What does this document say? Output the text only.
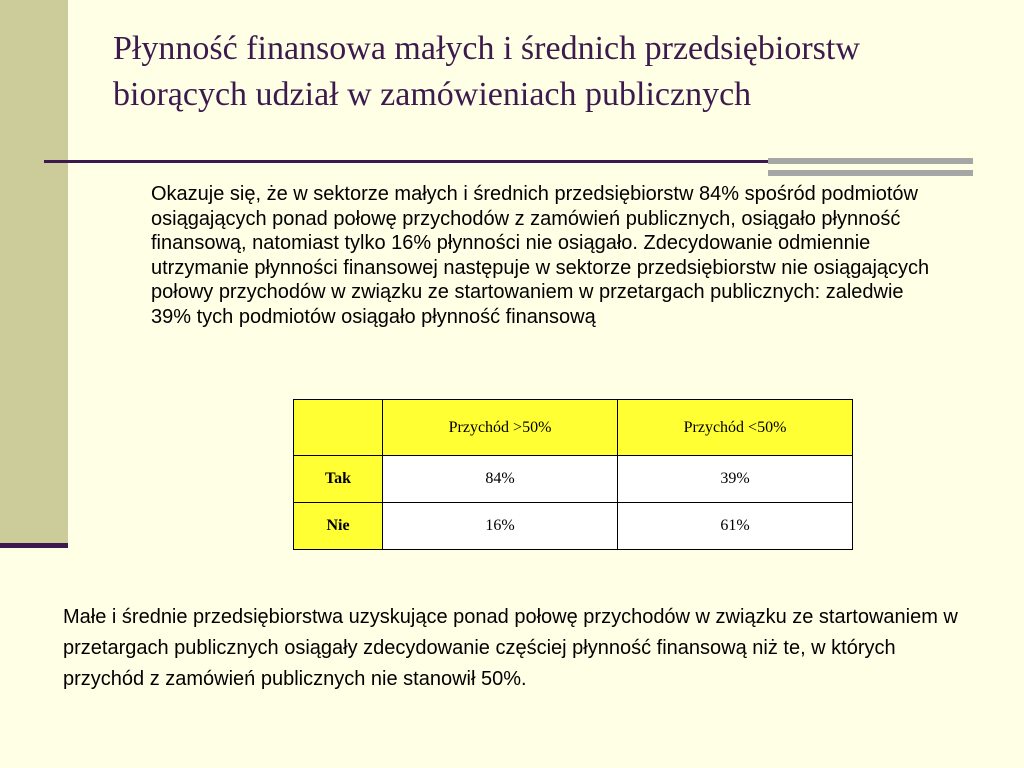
Płynność finansowa małych i średnich przedsiębiorstw biorących udział w zamówieniach publicznych

Okazuje się, że w sektorze małych i średnich przedsiębiorstw 84% spośród podmiotów osiągających ponad połowę przychodów z zamówień publicznych, osiągało płynność finansową, natomiast tylko 16% płynności nie osiągało. Zdecydowanie odmiennie utrzymanie płynności finansowej następuje w sektorze przedsiębiorstw nie osiągających połowy przychodów w związku ze startowaniem w przetargach publicznych: zaledwie 39% tych podmiotów osiągało płynność finansową

	Przychód >50%	Przychód <50%
Tak	84%	39%
Nie	16%	61%

Małe i średnie przedsiębiorstwa uzyskujące ponad połowę przychodów w związku ze startowaniem w przetargach publicznych osiągały zdecydowanie częściej płynność finansową niż te, w których przychód z zamówień publicznych nie stanowił 50%.
